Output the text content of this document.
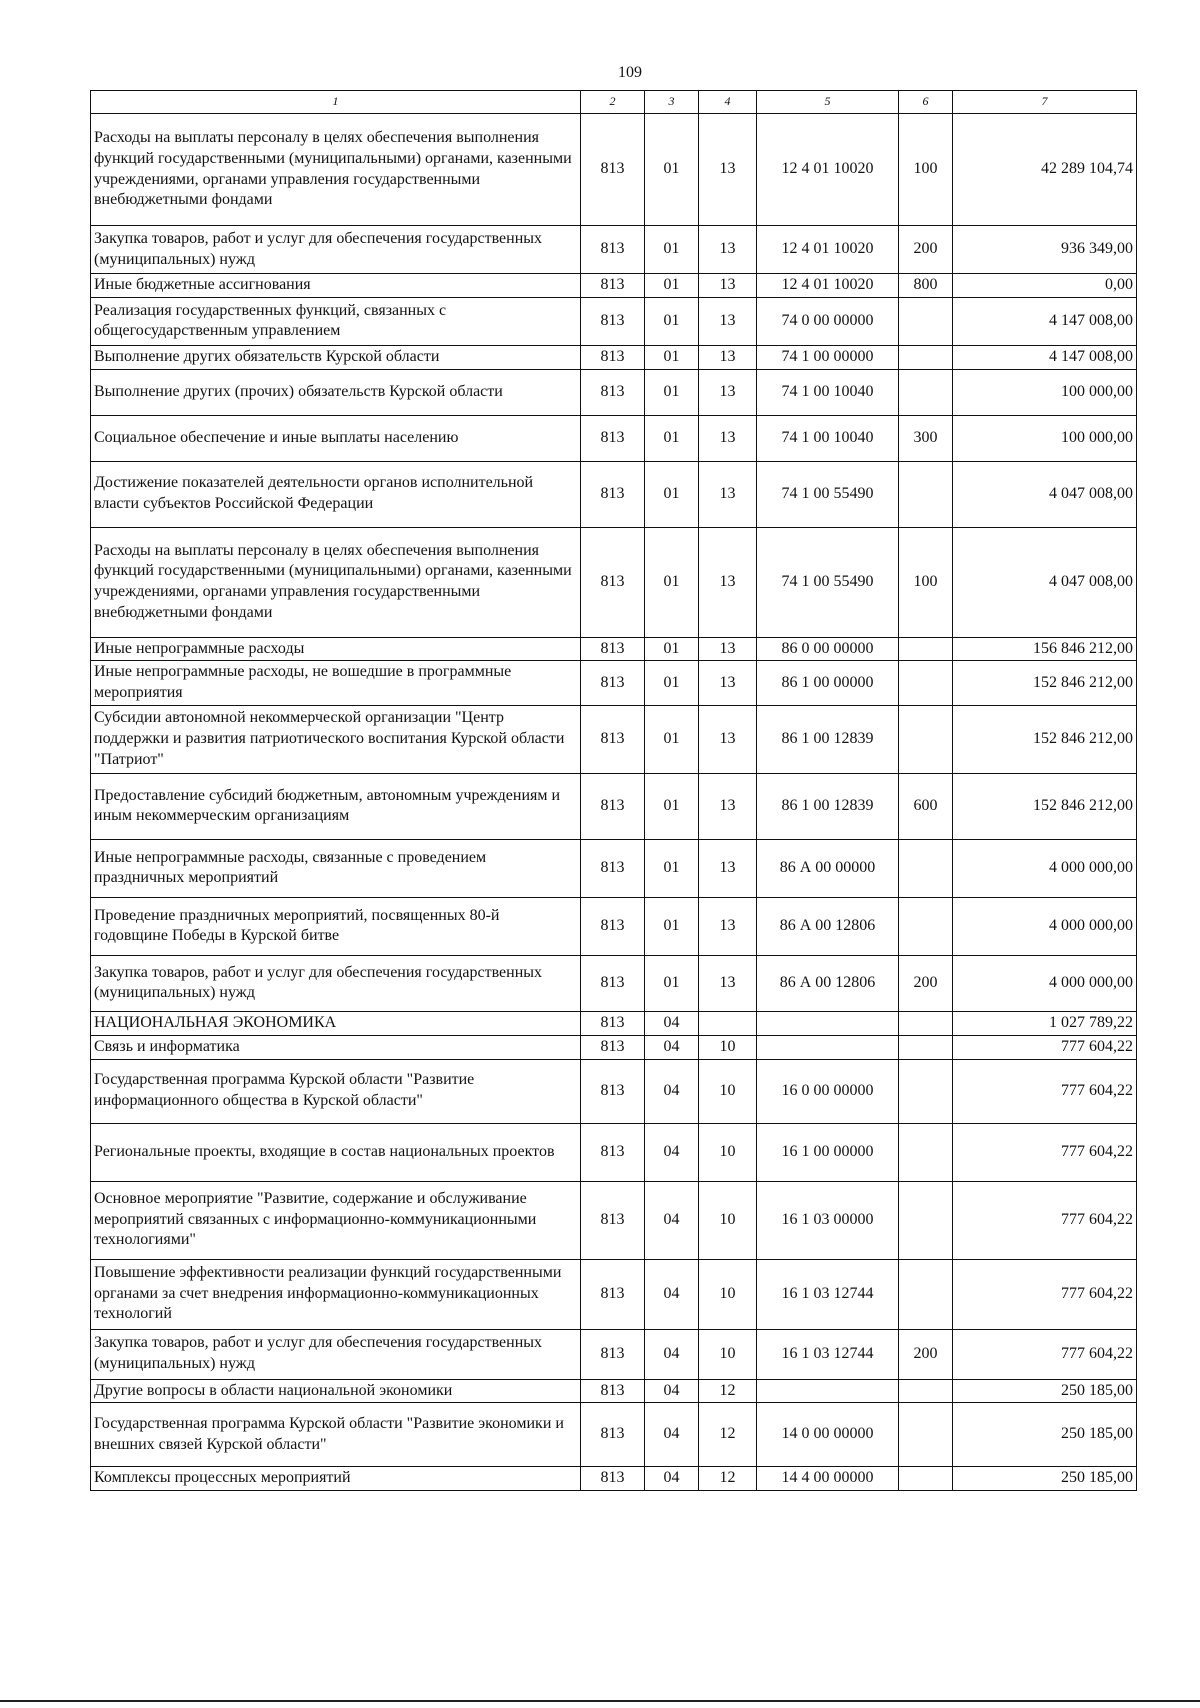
109
1	2	3	4	5	6	7
Расходы на выплаты персоналу в целях обеспечения выполнения функций государственными (муниципальными) органами, казенными учреждениями, органами управления государственными внебюджетными фондами	813	01	13	12 4 01 10020	100	42 289 104,74
Закупка товаров, работ и услуг для обеспечения государственных (муниципальных) нужд	813	01	13	12 4 01 10020	200	936 349,00
Иные бюджетные ассигнования	813	01	13	12 4 01 10020	800	0,00
Реализация государственных функций, связанных с общегосударственным управлением	813	01	13	74 0 00 00000		4 147 008,00
Выполнение других обязательств Курской области	813	01	13	74 1 00 00000		4 147 008,00
Выполнение других (прочих) обязательств Курской области	813	01	13	74 1 00 10040		100 000,00
Социальное обеспечение и иные выплаты населению	813	01	13	74 1 00 10040	300	100 000,00
Достижение показателей деятельности органов исполнительной власти субъектов Российской Федерации	813	01	13	74 1 00 55490		4 047 008,00
Расходы на выплаты персоналу в целях обеспечения выполнения функций государственными (муниципальными) органами, казенными учреждениями, органами управления государственными внебюджетными фондами	813	01	13	74 1 00 55490	100	4 047 008,00
Иные непрограммные расходы	813	01	13	86 0 00 00000		156 846 212,00
Иные непрограммные расходы, не вошедшие в программные мероприятия	813	01	13	86 1 00 00000		152 846 212,00
Субсидии автономной некоммерческой организации "Центр поддержки и развития патриотического воспитания Курской области "Патриот"	813	01	13	86 1 00 12839		152 846 212,00
Предоставление субсидий бюджетным, автономным учреждениям и иным некоммерческим организациям	813	01	13	86 1 00 12839	600	152 846 212,00
Иные непрограммные расходы, связанные с проведением праздничных мероприятий	813	01	13	86 А 00 00000		4 000 000,00
Проведение праздничных мероприятий, посвященных 80-й годовщине Победы в Курской битве	813	01	13	86 А 00 12806		4 000 000,00
Закупка товаров, работ и услуг для обеспечения государственных (муниципальных) нужд	813	01	13	86 А 00 12806	200	4 000 000,00
НАЦИОНАЛЬНАЯ ЭКОНОМИКА	813	04				1 027 789,22
Связь и информатика	813	04	10			777 604,22
Государственная программа Курской области "Развитие информационного общества в Курской области"	813	04	10	16 0 00 00000		777 604,22
Региональные проекты, входящие в состав национальных проектов	813	04	10	16 1 00 00000		777 604,22
Основное мероприятие "Развитие, содержание и обслуживание мероприятий связанных с информационно-коммуникационными технологиями"	813	04	10	16 1 03 00000		777 604,22
Повышение эффективности реализации функций государственными органами за счет внедрения информационно-коммуникационных технологий	813	04	10	16 1 03 12744		777 604,22
Закупка товаров, работ и услуг для обеспечения государственных (муниципальных) нужд	813	04	10	16 1 03 12744	200	777 604,22
Другие вопросы в области национальной экономики	813	04	12			250 185,00
Государственная программа Курской области "Развитие экономики и внешних связей Курской области"	813	04	12	14 0 00 00000		250 185,00
Комплексы процессных мероприятий	813	04	12	14 4 00 00000		250 185,00
